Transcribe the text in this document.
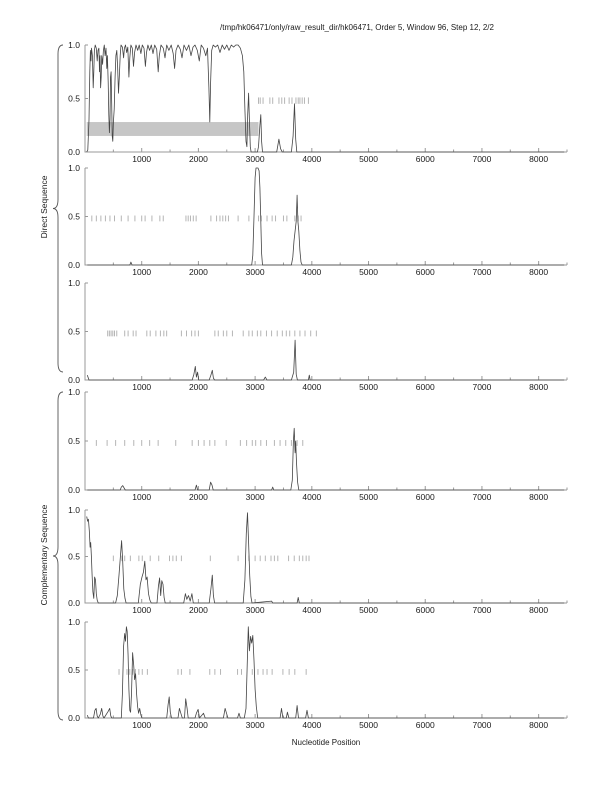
/tmp/hk06471/only/raw_result_dir/hk06471, Order 5, Window 96, Step 12, 2/2
Direct Sequence
Complementary Sequence
0.0
0.5
1.0
1000	2000	3000	4000	5000	6000	7000	8000
0.0
0.5
1.0
1000	2000	3000	4000	5000	6000	7000	8000
0.0
0.5
1.0
1000	2000	3000	4000	5000	6000	7000	8000
0.0
0.5
1.0
1000	2000	3000	4000	5000	6000	7000	8000
0.0
0.5
1.0
1000	2000	3000	4000	5000	6000	7000	8000
0.0
0.5
1.0
1000	2000	3000	4000	5000	6000	7000	8000
Nucleotide Position
